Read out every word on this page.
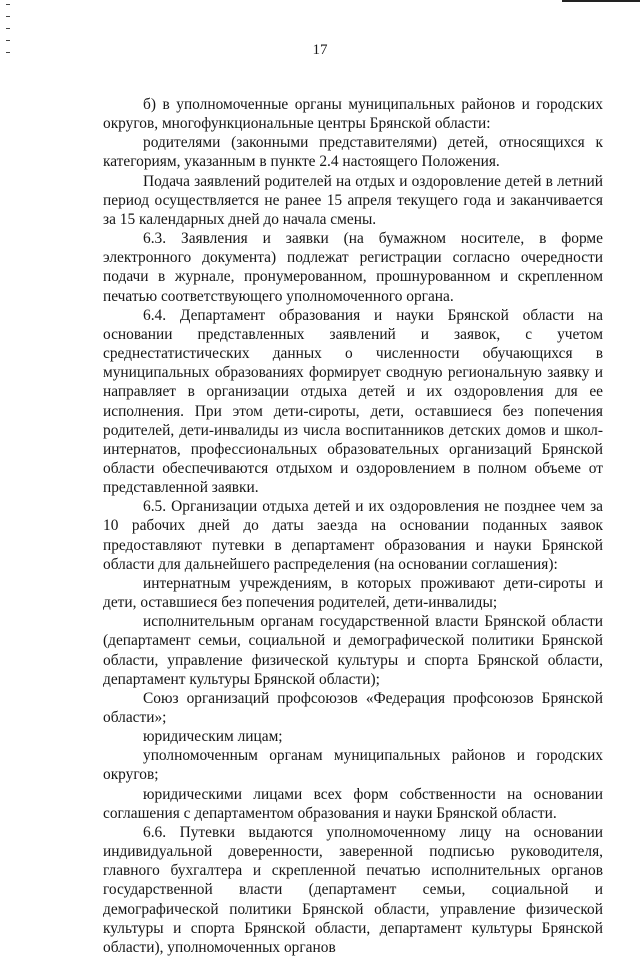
17

б) в уполномоченные органы муниципальных районов и городских округов, многофункциональные центры Брянской области:

родителями (законными представителями) детей, относящихся к категориям, указанным в пункте 2.4 настоящего Положения.

Подача заявлений родителей на отдых и оздоровление детей в летний период осуществляется не ранее 15 апреля текущего года и заканчивается за 15 календарных дней до начала смены.

6.3. Заявления и заявки (на бумажном носителе, в форме электронного документа) подлежат регистрации согласно очередности подачи в журнале, пронумерованном, прошнурованном и скрепленном печатью соответствующего уполномоченного органа.

6.4. Департамент образования и науки Брянской области на основании представленных заявлений и заявок, с учетом среднестатистических данных о численности обучающихся в муниципальных образованиях формирует сводную региональную заявку и направляет в организации отдыха детей и их оздоровления для ее исполнения. При этом дети-сироты, дети, оставшиеся без попечения родителей, дети-инвалиды из числа воспитанников детских домов и школ-интернатов, профессиональных образовательных организаций Брянской области обеспечиваются отдыхом и оздоровлением в полном объеме от представленной заявки.

6.5. Организации отдыха детей и их оздоровления не позднее чем за 10 рабочих дней до даты заезда на основании поданных заявок предоставляют путевки в департамент образования и науки Брянской области для дальнейшего распределения (на основании соглашения):

интернатным учреждениям, в которых проживают дети-сироты и дети, оставшиеся без попечения родителей, дети-инвалиды;

исполнительным органам государственной власти Брянской области (департамент семьи, социальной и демографической политики Брянской области, управление физической культуры и спорта Брянской области, департамент культуры Брянской области);

Союз организаций профсоюзов «Федерация профсоюзов Брянской области»;

юридическим лицам;

уполномоченным органам муниципальных районов и городских округов;

юридическими лицами всех форм собственности на основании соглашения с департаментом образования и науки Брянской области.

6.6. Путевки выдаются уполномоченному лицу на основании индивидуальной доверенности, заверенной подписью руководителя, главного бухгалтера и скрепленной печатью исполнительных органов государственной власти (департамент семьи, социальной и демографической политики Брянской области, управление физической культуры и спорта Брянской области, департамент культуры Брянской области), уполномоченных органов
